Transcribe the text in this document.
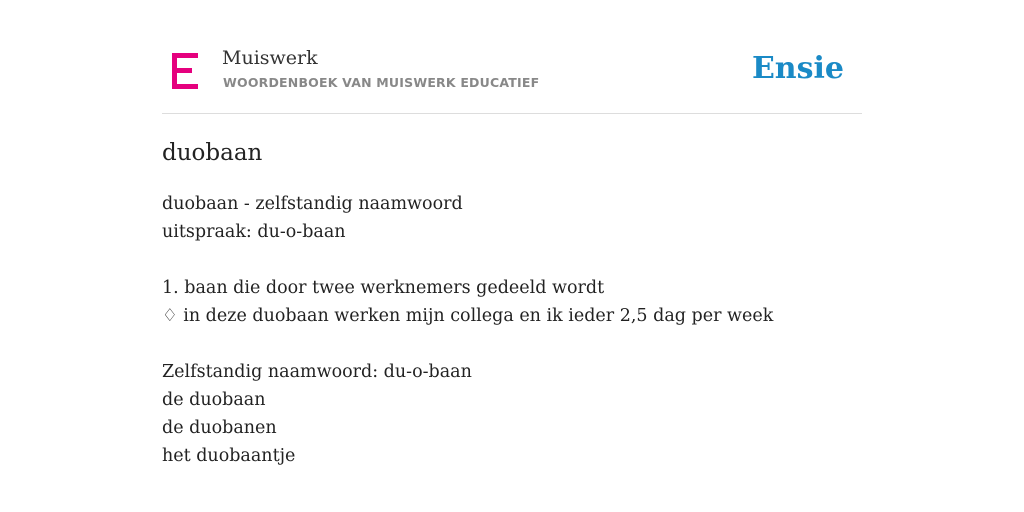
Muiswerk
WOORDENBOEK VAN MUISWERK EDUCATIEF	Ensie
duobaan
duobaan - zelfstandig naamwoord
uitspraak: du-o-baan
1. baan die door twee werknemers gedeeld wordt
♢ in deze duobaan werken mijn collega en ik ieder 2,5 dag per week
Zelfstandig naamwoord: du-o-baan
de duobaan
de duobanen
het duobaantje
